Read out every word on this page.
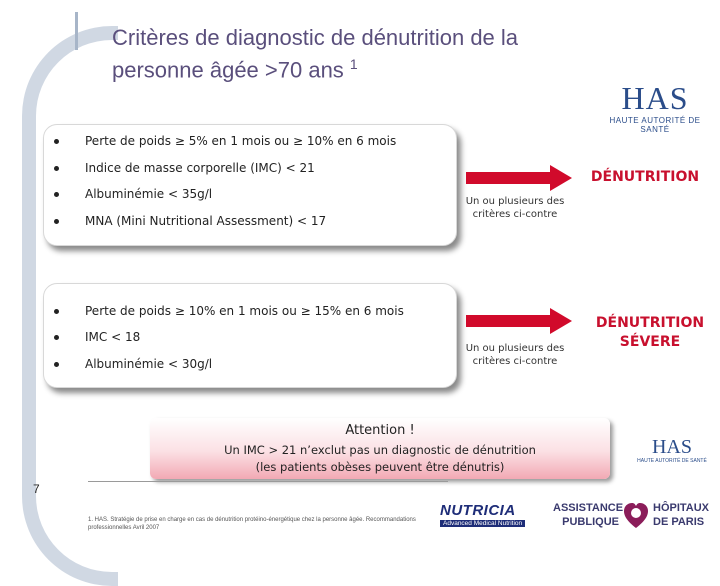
Critères de diagnostic de dénutrition de la
personne âgée >70 ans $^1$
HAS
HAUTE AUTORITÉ DE SANTÉ
Perte de poids ≥ 5% en 1 mois ou ≥ 10% en 6 mois
Indice de masse corporelle (IMC) < 21
Albuminémie < 35g/l
MNA (Mini Nutritional Assessment) < 17
Un ou plusieurs des critères ci-contre
DÉNUTRITION
Perte de poids ≥ 10% en 1 mois ou ≥ 15% en 6 mois
IMC < 18
Albuminémie < 30g/l
Un ou plusieurs des critères ci-contre
DÉNUTRITION
SÉVERE
Attention !
Un IMC > 21 n’exclut pas un diagnostic de dénutrition
(les patients obèses peuvent être dénutris)
HAS
HAUTE AUTORITÉ DE SANTÉ
7
1. HAS. Stratégie de prise en charge en cas de dénutrition protéino-énergétique chez la personne âgée. Recommandations professionnelles Avril 2007
NUTRICIA
Advanced Medical Nutrition
ASSISTANCE
PUBLIQUE
HÔPITAUX
DE PARIS
